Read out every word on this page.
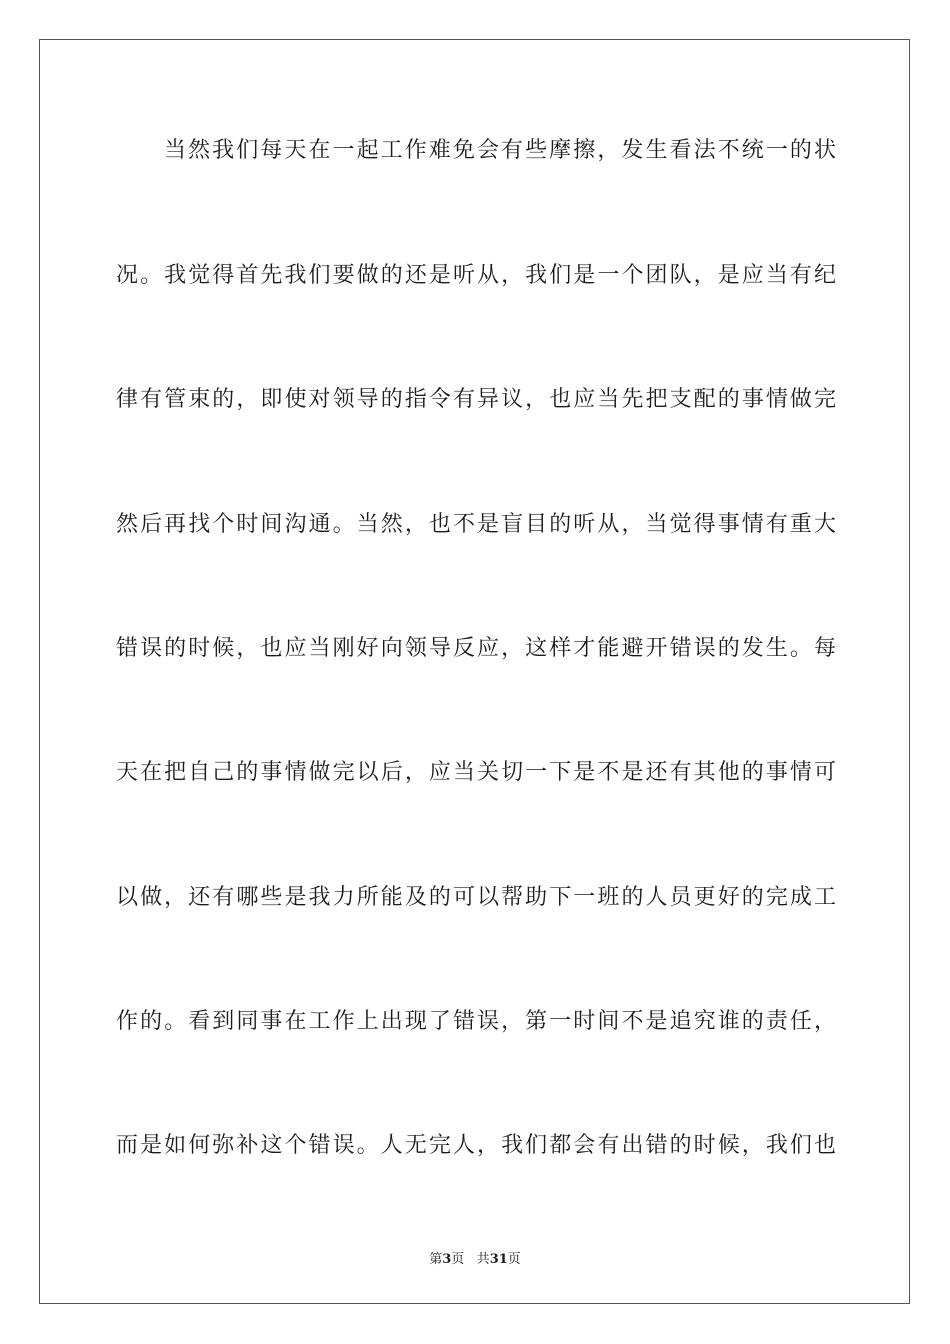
当然我们每天在一起工作难免会有些摩擦，发生看法不统一的状
况。我觉得首先我们要做的还是听从，我们是一个团队，是应当有纪
律有管束的，即使对领导的指令有异议，也应当先把支配的事情做完
然后再找个时间沟通。当然，也不是盲目的听从，当觉得事情有重大
错误的时候，也应当刚好向领导反应，这样才能避开错误的发生。每
天在把自己的事情做完以后，应当关切一下是不是还有其他的事情可
以做，还有哪些是我力所能及的可以帮助下一班的人员更好的完成工
作的。看到同事在工作上出现了错误，第一时间不是追究谁的责任，
而是如何弥补这个错误。人无完人，我们都会有出错的时候，我们也
第3页 共31页
